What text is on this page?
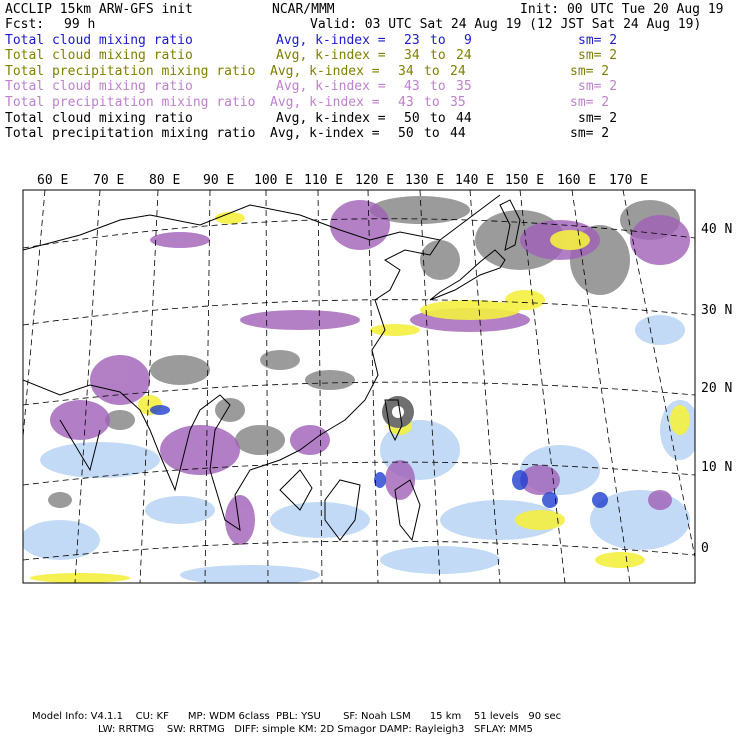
ACCLIP 15km ARW-GFS init	NCAR/MMM	Init: 00 UTC Tue 20 Aug 19
Fcst: 99 h	Valid: 03 UTC Sat 24 Aug 19 (12 JST Sat 24 Aug 19)
Total cloud mixing ratio	Avg, k-index = 23 to 9	sm= 2
Total cloud mixing ratio	Avg, k-index = 34 to 24	sm= 2
Total precipitation mixing ratio Avg, k-index = 34 to 24	sm= 2
Total cloud mixing ratio	Avg, k-index = 43 to 35	sm= 2
Total precipitation mixing ratio Avg, k-index = 43 to 35	sm= 2
Total cloud mixing ratio	Avg, k-index = 50 to 44	sm= 2
Total precipitation mixing ratio Avg, k-index = 50 to 44	sm= 2
60 E 70 E 80 E 90 E 100 E 110 E 120 E 130 E 140 E 150 E 160 E 170 E
40 N
30 N
20 N
10 N
0
Model Info: V4.1.1    CU: KF      MP: WDM 6class  PBL: YSU       SF: Noah LSM      15 km    51 levels   90 sec
LW: RRTMG    SW: RRTMG   DIFF: simple KM: 2D Smagor DAMP: Rayleigh3   SFLAY: MM5
